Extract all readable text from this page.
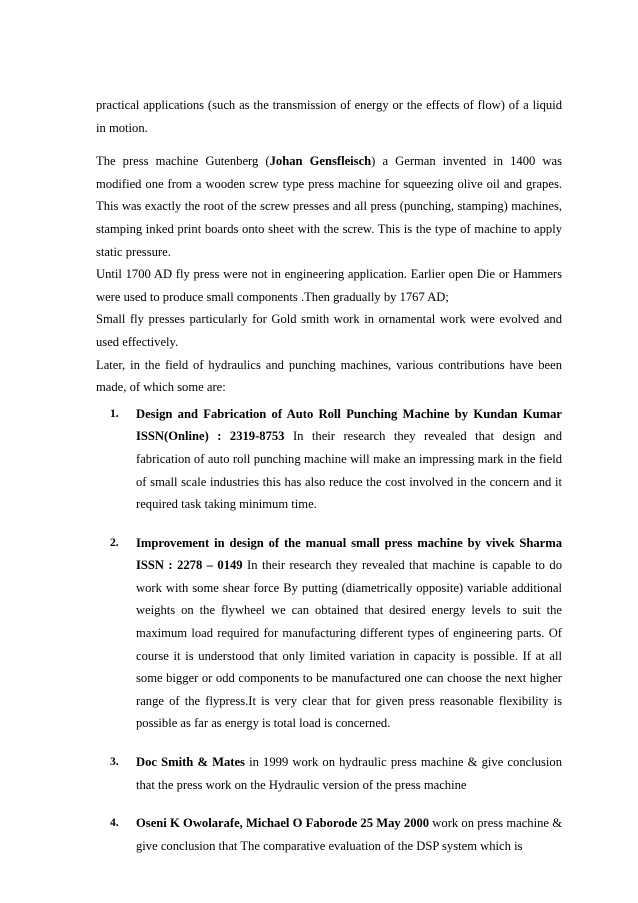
practical applications (such as the transmission of energy or the effects of flow) of a liquid in motion.

The press machine Gutenberg (Johan Gensfleisch) a German invented in 1400 was modified one from a wooden screw type press machine for squeezing olive oil and grapes. This was exactly the root of the screw presses and all press (punching, stamping) machines, stamping inked print boards onto sheet with the screw. This is the type of machine to apply static pressure.

Until 1700 AD fly press were not in engineering application. Earlier open Die or Hammers were used to produce small components .Then gradually by 1767 AD;

Small fly presses particularly for Gold smith work in ornamental work were evolved and used effectively.

Later, in the field of hydraulics and punching machines, various contributions have been made, of which some are:

1. Design and Fabrication of Auto Roll Punching Machine by Kundan Kumar ISSN(Online) : 2319-8753 In their research they revealed that design and fabrication of auto roll punching machine will make an impressing mark in the field of small scale industries this has also reduce the cost involved in the concern and it required task taking minimum time.
2. Improvement in design of the manual small press machine by vivek Sharma ISSN : 2278 – 0149 In their research they revealed that machine is capable to do work with some shear force By putting (diametrically opposite) variable additional weights on the flywheel we can obtained that desired energy levels to suit the maximum load required for manufacturing different types of engineering parts. Of course it is understood that only limited variation in capacity is possible. If at all some bigger or odd components to be manufactured one can choose the next higher range of the flypress.It is very clear that for given press reasonable flexibility is possible as far as energy is total load is concerned.
3. Doc Smith & Mates in 1999 work on hydraulic press machine & give conclusion that the press work on the Hydraulic version of the press machine
4. Oseni K Owolarafe, Michael O Faborode 25 May 2000 work on press machine & give conclusion that The comparative evaluation of the DSP system which is
